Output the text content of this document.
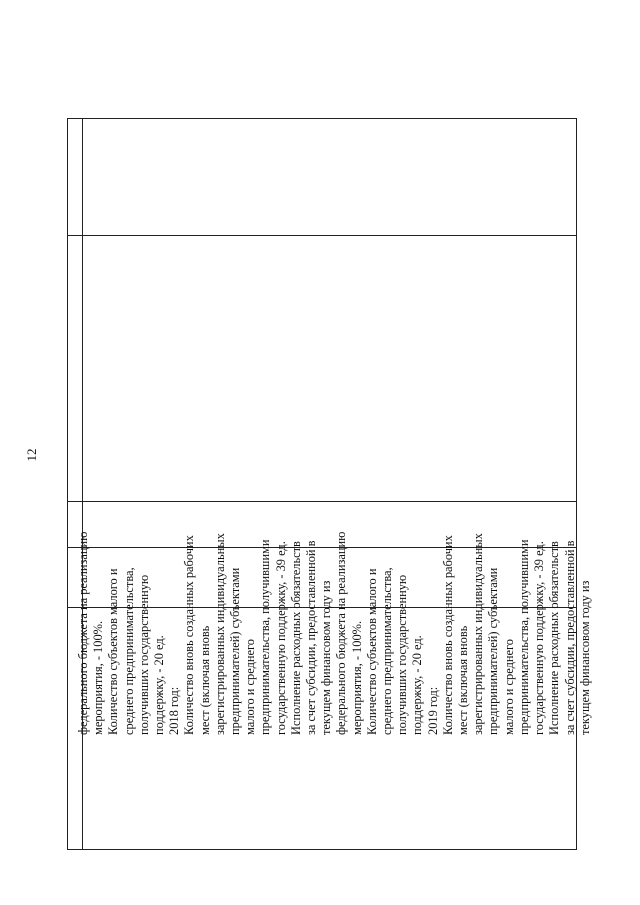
12
федерального бюджета на реализацию мероприятия, - 100%. Количество субъектов малого и среднего предпринимательства, получивших государственную поддержку, - 20 ед. 2018 год: Количество вновь созданных рабочих мест (включая вновь зарегистрированных индивидуальных предпринимателей) субъектами малого и среднего предпринимательства, получившими государственную поддержку, - 39 ед. Исполнение расходных обязательств за счет субсидии, предоставленной в текущем финансовом году из федерального бюджета на реализацию мероприятия, - 100%. Количество субъектов малого и среднего предпринимательства, получивших государственную поддержку, - 20 ед. 2019 год: Количество вновь созданных рабочих мест (включая вновь зарегистрированных индивидуальных предпринимателей) субъектами малого и среднего предпринимательства, получившими государственную поддержку, - 39 ед. Исполнение расходных обязательств за счет субсидии, предоставленной в текущем финансовом году из
